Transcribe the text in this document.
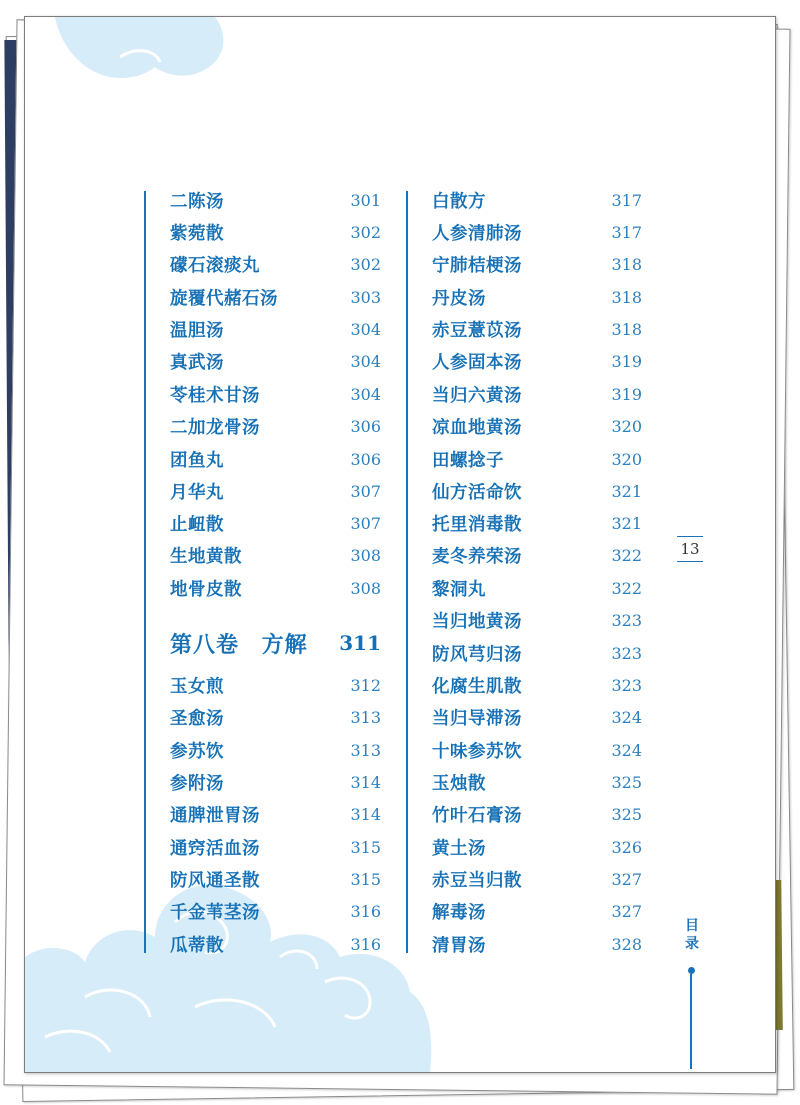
二陈汤	301
紫菀散	302
礞石滚痰丸	302
旋覆代赭石汤	303
温胆汤	304
真武汤	304
苓桂术甘汤	304
二加龙骨汤	306
团鱼丸	306
月华丸	307
止衄散	307
生地黄散	308
地骨皮散	308
第八卷 方解 311
玉女煎	312
圣愈汤	313
参苏饮	313
参附汤	314
通脾泄胃汤	314
通窍活血汤	315
防风通圣散	315
千金苇茎汤	316
瓜蒂散	316
白散方	317
人参清肺汤	317
宁肺桔梗汤	318
丹皮汤	318
赤豆薏苡汤	318
人参固本汤	319
当归六黄汤	319
凉血地黄汤	320
田螺捻子	320
仙方活命饮	321
托里消毒散	321
麦冬养荣汤	322
黎洞丸	322
当归地黄汤	323
防风芎归汤	323
化腐生肌散	323
当归导滞汤	324
十味参苏饮	324
玉烛散	325
竹叶石膏汤	325
黄土汤	326
赤豆当归散	327
解毒汤	327
清胃汤	328
13
目录
